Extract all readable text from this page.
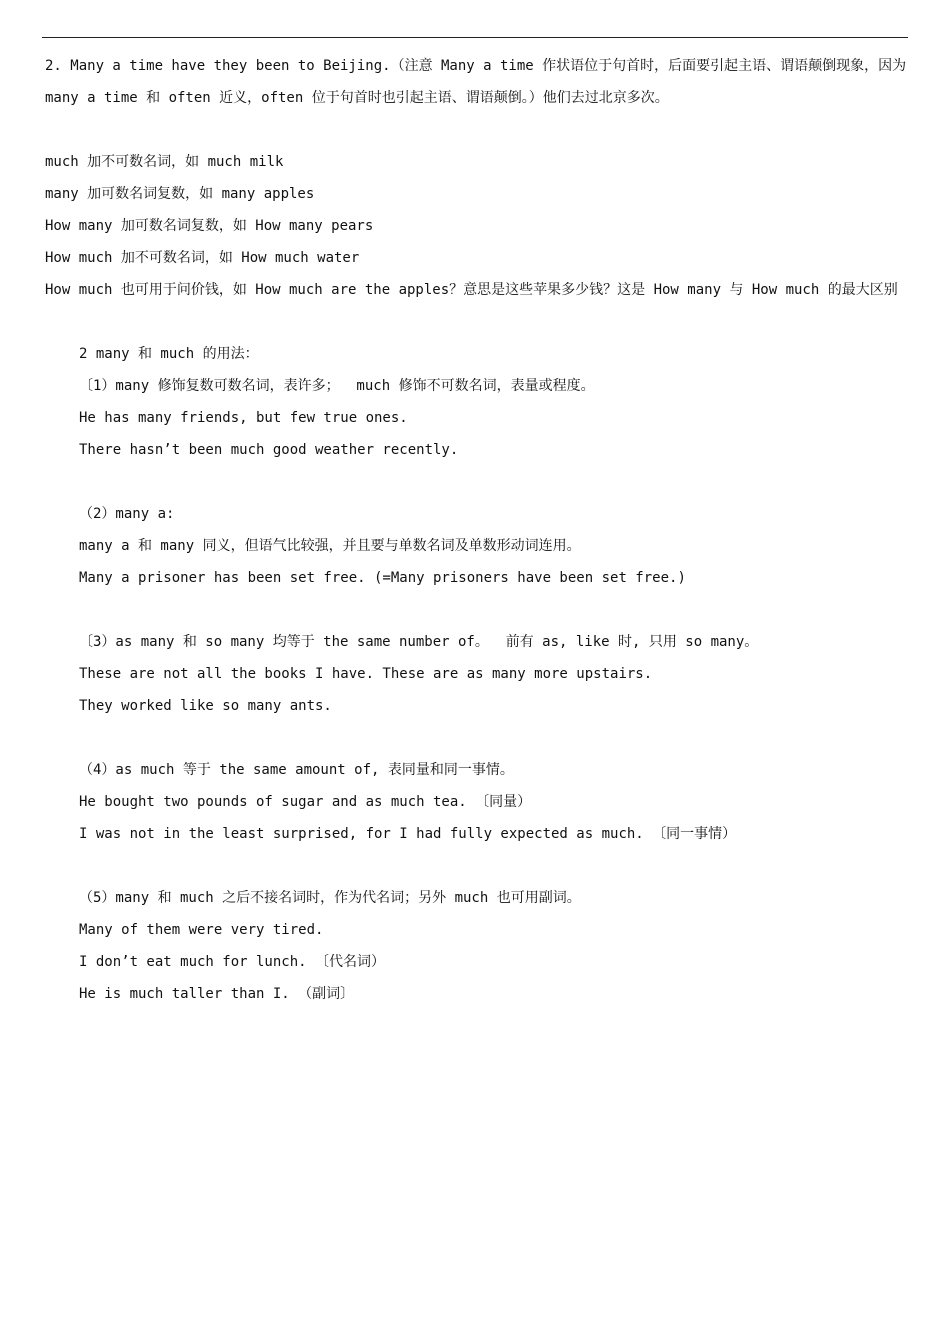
2. Many a time have they been to Beijing.（注意 Many a time 作状语位于句首时，后面要引起主语、谓语颠倒现象，因为 many a time 和 often 近义，often 位于句首时也引起主语、谓语颠倒。）他们去过北京多次。

much 加不可数名词，如 much milk

many 加可数名词复数，如 many apples

How many 加可数名词复数，如 How many pears

How much 加不可数名词，如 How much water

How much 也可用于问价钱，如 How much are the apples？意思是这些苹果多少钱？这是 How many 与 How much 的最大区别

2 many 和 much 的用法：

〔1）many 修饰复数可数名词，表许多；  much 修饰不可数名词，表量或程度。

He has many friends, but few true ones.

There hasn’t been much good weather recently.

（2）many a:

many a 和 many 同义，但语气比较强，并且要与单数名词及单数形动词连用。

Many a prisoner has been set free. (=Many prisoners have been set free.)

〔3）as many 和 so many 均等于 the same number of。  前有 as, like 时, 只用 so many。

These are not all the books I have. These are as many more upstairs.

They worked like so many ants.

（4）as much 等于 the same amount of, 表同量和同一事情。

He bought two pounds of sugar and as much tea. 〔同量）

I was not in the least surprised, for I had fully expected as much. 〔同一事情）

（5）many 和 much 之后不接名词时，作为代名词；另外 much 也可用副词。

Many of them were very tired.

I don’t eat much for lunch. 〔代名词）

He is much taller than I. （副词〕
